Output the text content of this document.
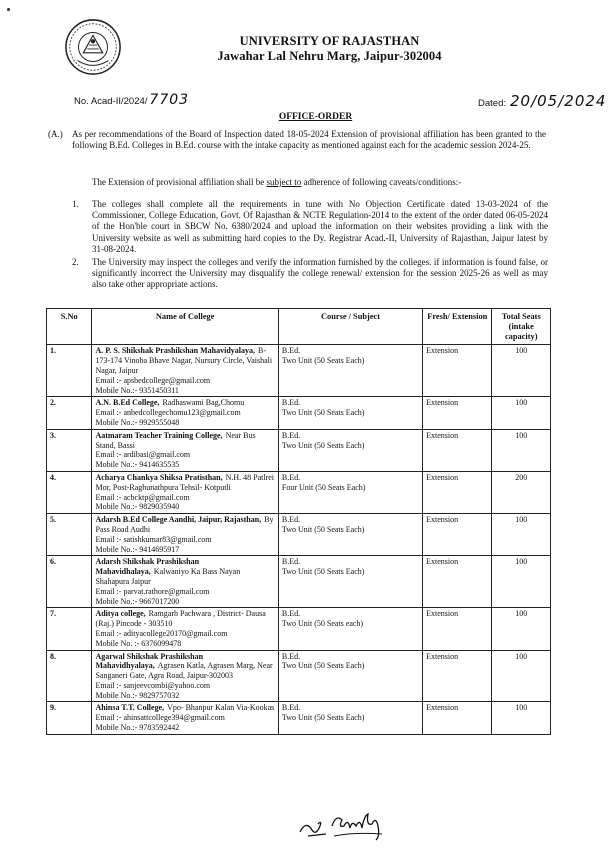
UNIVERSITY OF RAJASTHAN
Jawahar Lal Nehru Marg, Jaipur-302004
No. Acad-II/2024/ 7703	Dated: 20/05/2024
OFFICE-ORDER
(A.) As per recommendations of the Board of Inspection dated 18-05-2024 Extension of provisional affiliation has been granted to the following B.Ed. Colleges in B.Ed. course with the intake capacity as mentioned against each for the academic session 2024-25.
The Extension of provisional affiliation shall be subject to adherence of following caveats/conditions:-
1. The colleges shall complete all the requirements in tune with No Objection Certificate dated 13-03-2024 of the Commissioner, College Education, Govt. Of Rajasthan & NCTE Regulation-2014 to the extent of the order dated 06-05-2024 of the Hon'ble court in SBCW No. 6380/2024 and upload the information on their websites providing a link with the University website as well as submitting hard copies to the Dy. Registrar Acad.-II, University of Rajasthan, Jaipur latest by 31-08-2024.
2. The University may inspect the colleges and verify the information furnished by the colleges. if information is found false, or significantly incorrect the University may disqualify the college renewal/ extension for the session 2025-26 as well as may also take other appropriate actions.
S.No	Name of College	Course / Subject	Fresh/ Extension	Total Seats (intake capacity)
1.	A. P. S. Shikshak Prashikshan Mahavidyalaya, B-173-174 Vinoba Bhave Nagar, Nursury Circle, Vaishali Nagar, Jaipur
Email :- apsbedcollege@gmail.com
Mobile No.:- 9351450311	B.Ed.
Two Unit (50 Seats Each)	Extension	100
2.	A.N. B.Ed College, Radhaswami Bag,Chomu
Email :- anbedcollegechomu123@gmail.com
Mobile No.:- 9929555048	B.Ed.
Two Unit (50 Seats Each)	Extension	100
3.	Aatmaram Teacher Training College, Near Bus Stand, Bassi
Email :- ardibasi@gmail.com
Mobile No.:- 9414635535	B.Ed.
Two Unit (50 Seats Each)	Extension	100
4.	Acharya Chankya Shiksa Pratisthan, N.H. 48 Patlrei Mor, Post-Raghunathpura Tehsil- Kotputli
Email :- acbcktp@gmail.com
Mobile No.:- 9829035940	B.Ed.
Four Unit (50 Seats Each)	Extension	200
5.	Adarsh B.Ed College Aandhi, Jaipur, Rajasthan, By Pass Road Audhi
Email :- satishkumar83@gmail.com
Mobile No.:- 9414695917	B.Ed.
Two Unit (50 Seats Each)	Extension	100
6.	Adarsh Shikshak Prashikshan Mahavidhalaya, Kalwaniyo Ka Bass Nayan Shahapura Jaipur
Email :- parvat.rathore@gmail.com
Mobile No.:- 9667017200	B.Ed.
Two Unit (50 Seats Each)	Extension	100
7.	Aditya college, Ramgarh Pachwara , District- Dausa (Raj.) Pincode - 303510
Email :- adityacollege20170@gmail.com
Mobile No. :- 6376099478	B.Ed.
Two Unit (50 Seats each)	Extension	100
8.	Agarwal Shikshak Prashikshan Mahavidhyalaya, Agrasen Katla, Agrasen Marg, Near Sanganeri Gate, Agra Road, Jaipur-302003
Email :- sanjeevcombi@yahoo.com
Mobile No.:- 9829757032	B.Ed.
Two Unit (50 Seats Each)	Extension	100
9.	Ahinsa T.T. College, Vpo- Bhanpur Kalan Via-Kookas
Email :- ahinsattcollege394@gmail.com
Mobile No.:- 9783592442	B.Ed.
Two Unit (50 Seats Each)	Extension	100
